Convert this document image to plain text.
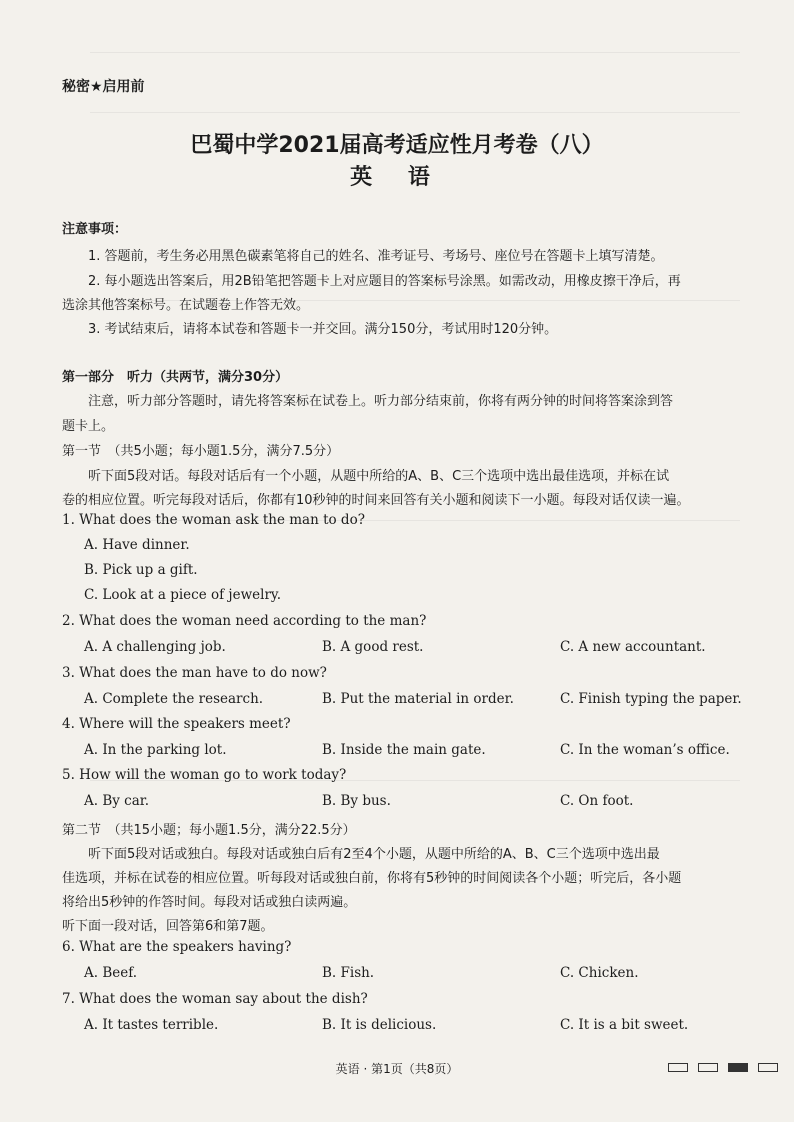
秘密★启用前
巴蜀中学2021届高考适应性月考卷（八）
英 语
注意事项：
1. 答题前，考生务必用黑色碳素笔将自己的姓名、准考证号、考场号、座位号在答题卡上填写清楚。
2. 每小题选出答案后，用2B铅笔把答题卡上对应题目的答案标号涂黑。如需改动，用橡皮擦干净后，再
选涂其他答案标号。在试题卷上作答无效。
3. 考试结束后，请将本试卷和答题卡一并交回。满分150分，考试用时120分钟。
第一部分　听力（共两节，满分30分）
注意，听力部分答题时，请先将答案标在试卷上。听力部分结束前，你将有两分钟的时间将答案涂到答
题卡上。
第一节　（共5小题；每小题1.5分，满分7.5分）
听下面5段对话。每段对话后有一个小题，从题中所给的A、B、C三个选项中选出最佳选项，并标在试
卷的相应位置。听完每段对话后，你都有10秒钟的时间来回答有关小题和阅读下一小题。每段对话仅读一遍。
1. What does the woman ask the man to do?
A. Have dinner.
B. Pick up a gift.
C. Look at a piece of jewelry.
2. What does the woman need according to the man?
A. A challenging job.	B. A good rest.	C. A new accountant.
3. What does the man have to do now?
A. Complete the research.	B. Put the material in order.	C. Finish typing the paper.
4. Where will the speakers meet?
A. In the parking lot.	B. Inside the main gate.	C. In the woman’s office.
5. How will the woman go to work today?
A. By car.	B. By bus.	C. On foot.
第二节　（共15小题；每小题1.5分，满分22.5分）
听下面5段对话或独白。每段对话或独白后有2至4个小题，从题中所给的A、B、C三个选项中选出最
佳选项，并标在试卷的相应位置。听每段对话或独白前，你将有5秒钟的时间阅读各个小题；听完后，各小题
将给出5秒钟的作答时间。每段对话或独白读两遍。
听下面一段对话，回答第6和第7题。
6. What are the speakers having?
A. Beef.	B. Fish.	C. Chicken.
7. What does the woman say about the dish?
A. It tastes terrible.	B. It is delicious.	C. It is a bit sweet.
英语 · 第1页（共8页）
